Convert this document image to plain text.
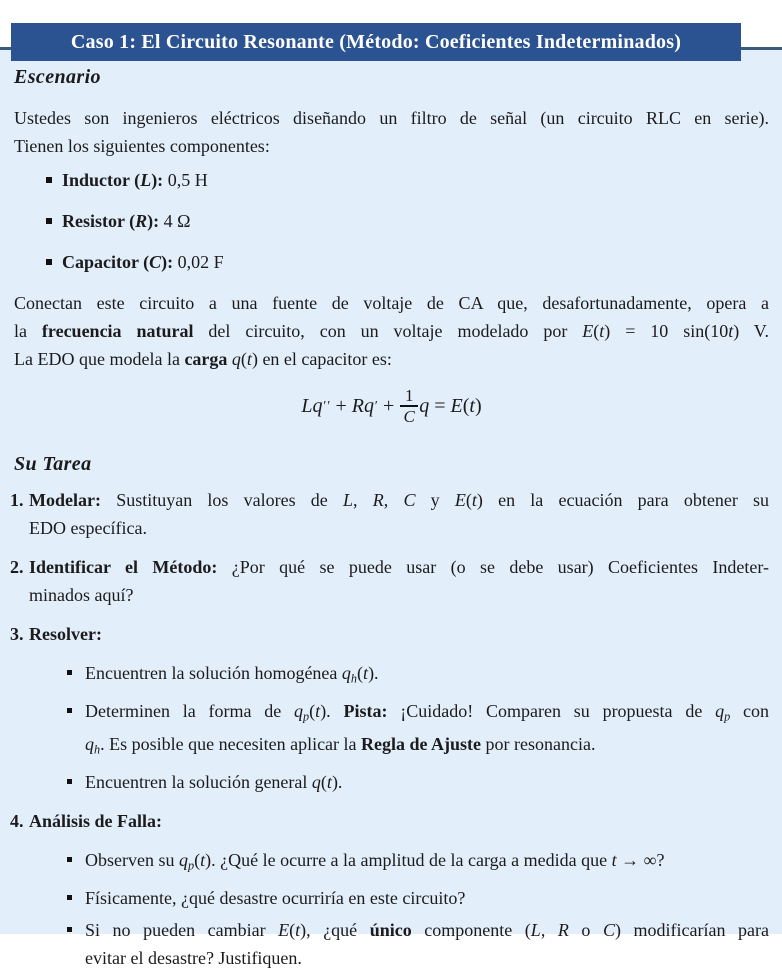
Escenario
Ustedes son ingenieros eléctricos diseñando un filtro de señal (un circuito RLC en serie).
Tienen los siguientes componentes:
Inductor (L): 0,5 H
Resistor (R): 4 Ω
Capacitor (C): 0,02 F
Conectan este circuito a una fuente de voltaje de CA que, desafortunadamente, opera a
la frecuencia natural del circuito, con un voltaje modelado por E(t) = 10 sin(10t) V.
La EDO que modela la carga q(t) en el capacitor es:
Lq ′′ + Rq ′ + $\frac{1}{C}$ q = E ( t )
Su Tarea
1. Modelar: Sustituyan los valores de L, R, C y E(t) en la ecuación para obtener su
EDO específica.
2. Identificar el Método: ¿Por qué se puede usar (o se debe usar) Coeficientes Indeter-
minados aquí?
3. Resolver:
Encuentren la solución homogénea $q_h(t)$.
Determinen la forma de $q_p(t)$. Pista: ¡Cuidado! Comparen su propuesta de $q_p$ con
$q_h$. Es posible que necesiten aplicar la Regla de Ajuste por resonancia.
Encuentren la solución general q(t).
4. Análisis de Falla:
Observen su $q_p(t)$. ¿Qué le ocurre a la amplitud de la carga a medida que t → ∞?
Físicamente, ¿qué desastre ocurriría en este circuito?
Si no pueden cambiar E(t), ¿qué único componente (L, R o C) modificarían para
evitar el desastre? Justifiquen.
Caso 1: El Circuito Resonante (Método: Coeficientes Indeterminados)
